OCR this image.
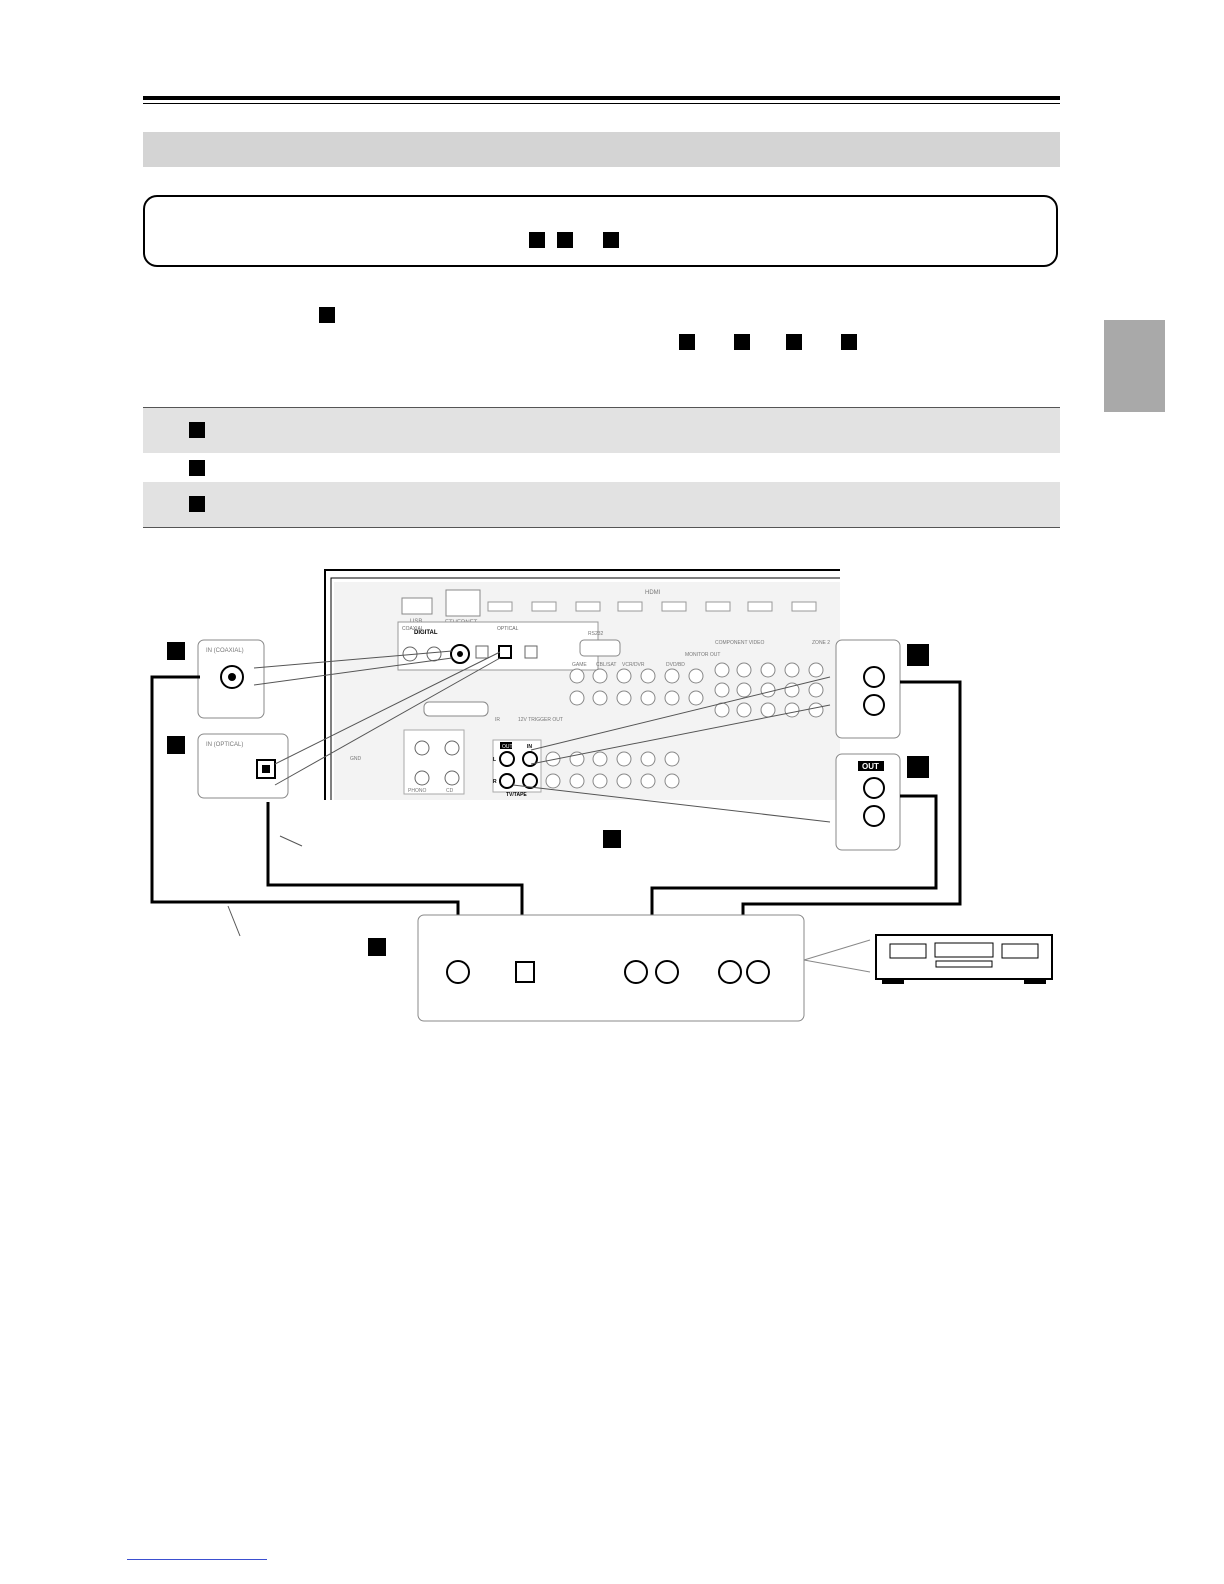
HDMI
DIGITAL
COAXIAL	OPTICAL
RS232
GAME CBL/SAT VCR/DVR	DVD/BD
MONITOR OUT
COMPONENT VIDEO	ZONE 2
IR	12V TRIGGER OUT
PHONO	CD
GND
OUT	IN
L
R
TV/TAPE
IN (COAXIAL)
IN (OPTICAL)
OUT
